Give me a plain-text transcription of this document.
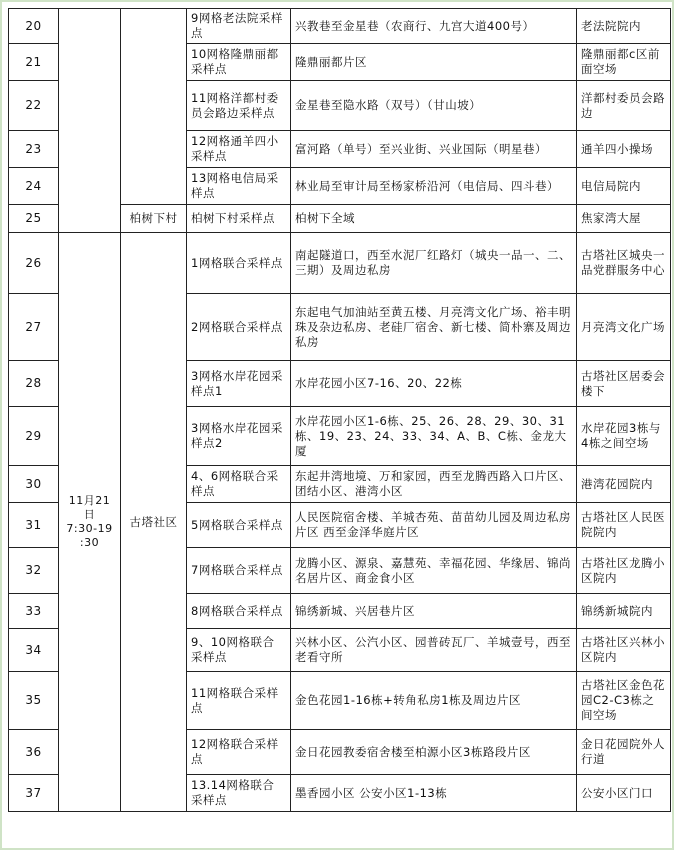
20			9网格老法院采样点	兴教巷至金星巷（农商行、九宫大道400号）	老法院院内
21			10网格隆鼎丽都采样点	隆鼎丽都片区	隆鼎丽都c区前面空场
22			11网格洋都村委员会路边采样点	金星巷至隐水路（双号）（甘山坡）	洋都村委员会路边
23			12网格通羊四小采样点	富河路（单号）至兴业街、兴业国际（明星巷）	通羊四小操场
24			13网格电信局采样点	林业局至审计局至杨家桥沿河（电信局、四斗巷）	电信局院内
25		柏树下村	柏树下村采样点	柏树下全域	焦家湾大屋
26	11月21
日
7:30-19
:30	古塔社区	1网格联合采样点	南起隧道口，西至水泥厂红路灯（城央一品一、二、三期）及周边私房	古塔社区城央一品党群服务中心
27			2网格联合采样点	东起电气加油站至黄五楼、月亮湾文化广场、裕丰明珠及杂边私房、老硅厂宿舍、新七楼、简朴寨及周边私房	月亮湾文化广场
28			3网格水岸花园采样点1	水岸花园小区7-16、20、22栋	古塔社区居委会楼下
29			3网格水岸花园采样点2	水岸花园小区1-6栋、25、26、28、29、30、31栋、19、23、24、33、34、A、B、C栋、金龙大厦	水岸花园3栋与4栋之间空场
30			4、6网格联合采样点	东起井湾地境、万和家园，西至龙腾西路入口片区、团结小区、港湾小区	港湾花园院内
31			5网格联合采样点	人民医院宿舍楼、羊城杏苑、苗苗幼儿园及周边私房片区 西至金泽华庭片区	古塔社区人民医院院内
32			7网格联合采样点	龙腾小区、源泉、嘉慧苑、幸福花园、华缘居、锦尚名居片区、商金食小区	古塔社区龙腾小区院内
33			8网格联合采样点	锦绣新城、兴居巷片区	锦绣新城院内
34			9、10网格联合采样点	兴林小区、公汽小区、园普砖瓦厂、羊城壹号，西至老看守所	古塔社区兴林小区院内
35			11网格联合采样点	金色花园1-16栋+转角私房1栋及周边片区	古塔社区金色花园C2-C3栋之间空场
36			12网格联合采样点	金日花园教委宿舍楼至柏源小区3栋路段片区	金日花园院外人行道
37			13.14网格联合采样点	墨香园小区 公安小区1-13栋	公安小区门口
